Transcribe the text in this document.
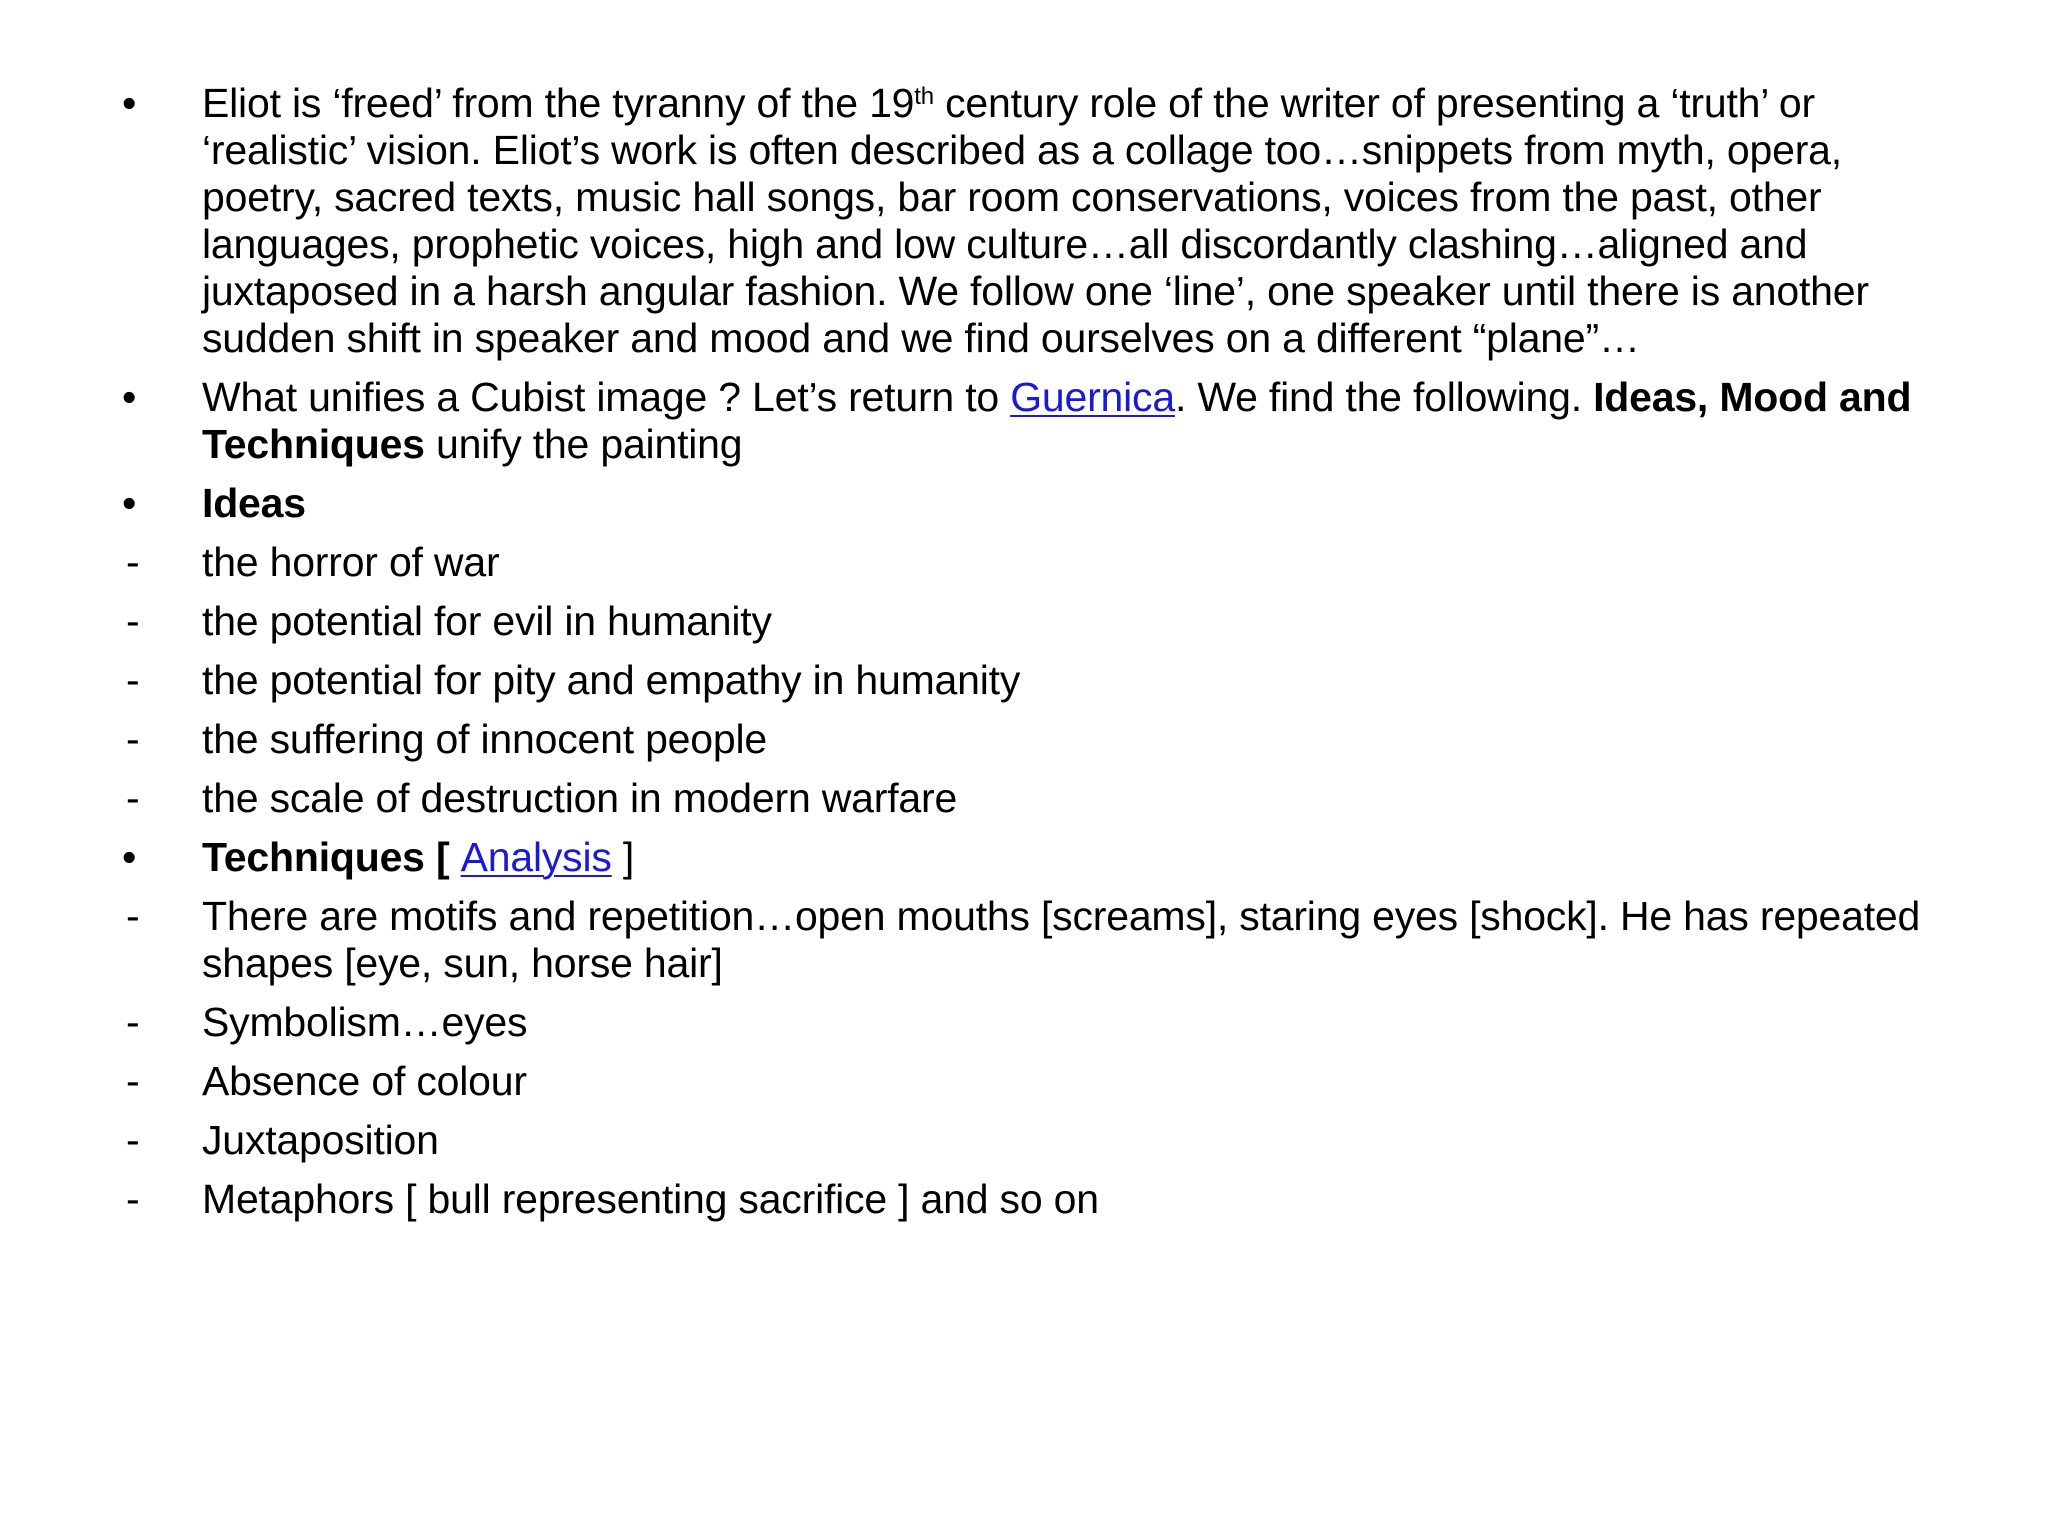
•	Eliot is ‘freed’ from the tyranny of the 19th century role of the writer of presenting a ‘truth’ or ‘realistic’ vision. Eliot’s work is often described as a collage too…snippets from myth, opera, poetry, sacred texts, music hall songs, bar room conservations, voices from the past, other languages, prophetic voices, high and low culture…all discordantly clashing…aligned and juxtaposed in a harsh angular fashion. We follow one ‘line’, one speaker until there is another sudden shift in speaker and mood and we find ourselves on a different “plane”…
•	What unifies a Cubist image ? Let’s return to Guernica. We find the following. Ideas, Mood and Techniques unify the painting
•	Ideas
-	the horror of war
-	the potential for evil in humanity
-	the potential for pity and empathy in humanity
-	the suffering of innocent people
-	the scale of destruction in modern warfare
•	Techniques [ Analysis ]
-	There are motifs and repetition…open mouths [screams], staring eyes [shock]. He has repeated shapes [eye, sun, horse hair]
-	Symbolism…eyes
-	Absence of colour
-	Juxtaposition
-	Metaphors [ bull representing sacrifice ] and so on
